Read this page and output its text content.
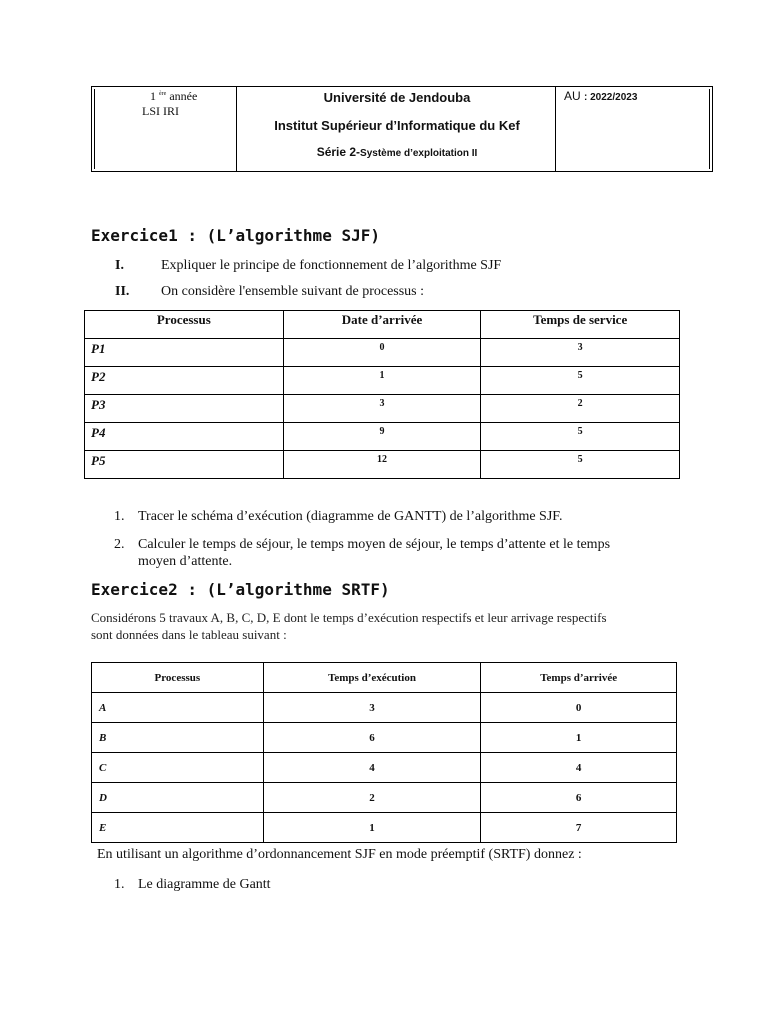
1 $^{ère}$ année
LSI IRI
Université de Jendouba
Institut Supérieur d’Informatique du Kef
Série 2-Système d’exploitation II
AU : 2022/2023
Exercice1 : (L’algorithme SJF)
I.	Expliquer le principe de fonctionnement de l’algorithme SJF
II. On considère l'ensemble suivant de processus :
Processus	Date d’arrivée	Temps de service
P1	0	3
P2	1	5
P3	3	2
P4	9	5
P5	12	5
1. Tracer le schéma d’exécution (diagramme de GANTT) de l’algorithme SJF.
2. Calculer le temps de séjour, le temps moyen de séjour, le temps d’attente et le temps
moyen d’attente.
Exercice2 : (L’algorithme SRTF)
Considérons 5 travaux A, B, C, D, E dont le temps d’exécution respectifs et leur arrivage respectifs
sont données dans le tableau suivant :
Processus	Temps d’exécution	Temps d’arrivée
A	3	0
B	6	1
C	4	4
D	2	6
E	1	7
En utilisant un algorithme d’ordonnancement SJF en mode préemptif (SRTF) donnez :
1. Le diagramme de Gantt
